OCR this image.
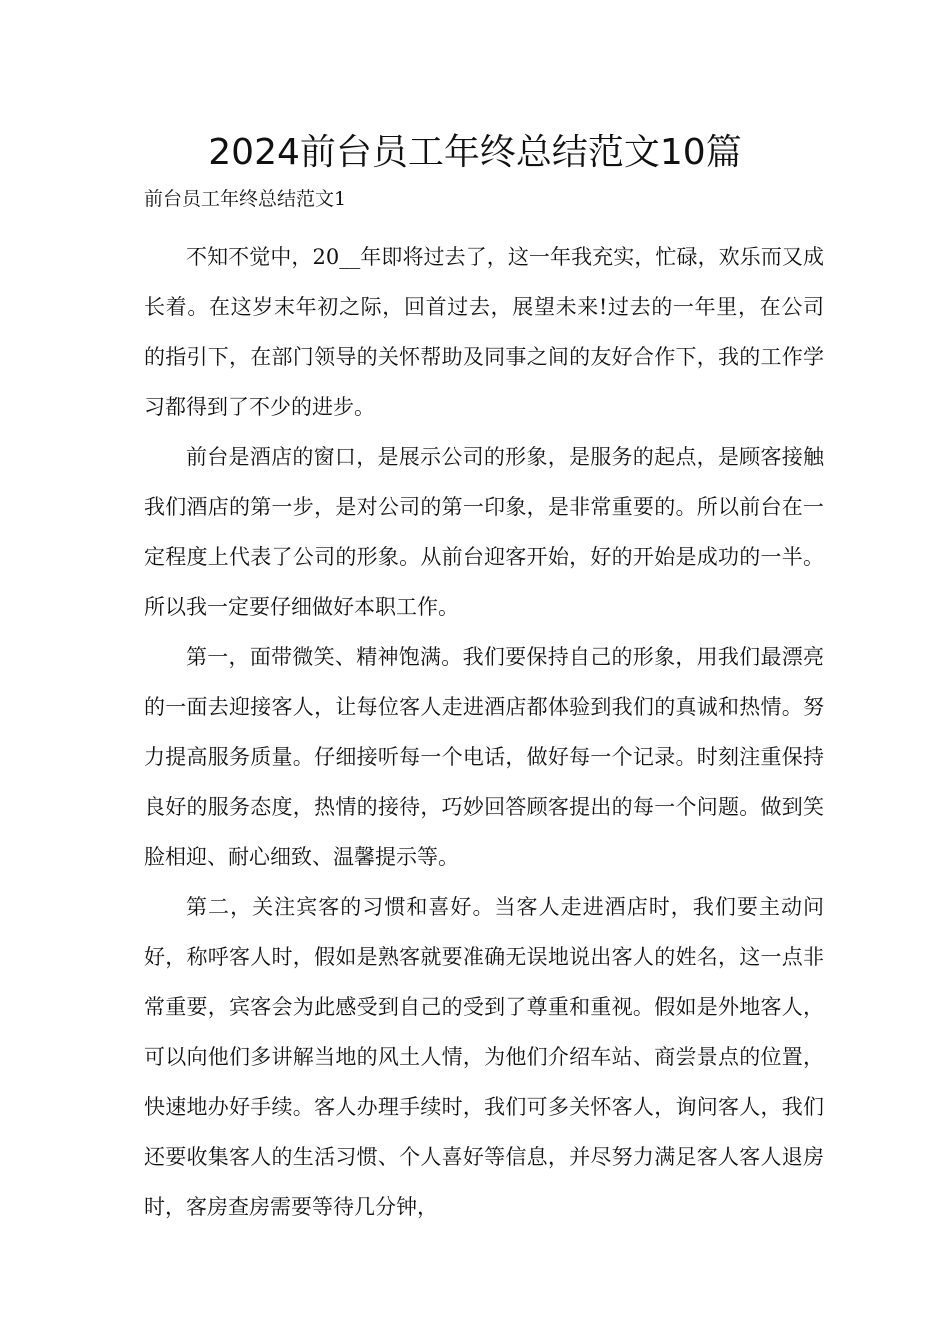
2024前台员工年终总结范文10篇

前台员工年终总结范文1

不知不觉中，20__年即将过去了，这一年我充实，忙碌，欢乐而又成长着。在这岁末年初之际，回首过去，展望未来!过去的一年里，在公司的指引下，在部门领导的关怀帮助及同事之间的友好合作下，我的工作学习都得到了不少的进步。

前台是酒店的窗口，是展示公司的形象，是服务的起点，是顾客接触我们酒店的第一步，是对公司的第一印象，是非常重要的。所以前台在一定程度上代表了公司的形象。从前台迎客开始，好的开始是成功的一半。所以我一定要仔细做好本职工作。

第一，面带微笑、精神饱满。我们要保持自己的形象，用我们最漂亮的一面去迎接客人，让每位客人走进酒店都体验到我们的真诚和热情。努力提高服务质量。仔细接听每一个电话，做好每一个记录。时刻注重保持良好的服务态度，热情的接待，巧妙回答顾客提出的每一个问题。做到笑脸相迎、耐心细致、温馨提示等。

第二，关注宾客的习惯和喜好。当客人走进酒店时，我们要主动问好，称呼客人时，假如是熟客就要准确无误地说出客人的姓名，这一点非常重要，宾客会为此感受到自己的受到了尊重和重视。假如是外地客人，可以向他们多讲解当地的风土人情，为他们介绍车站、商尝景点的位置，快速地办好手续。客人办理手续时，我们可多关怀客人，询问客人，我们还要收集客人的生活习惯、个人喜好等信息，并尽努力满足客人客人退房时，客房查房需要等待几分钟，
